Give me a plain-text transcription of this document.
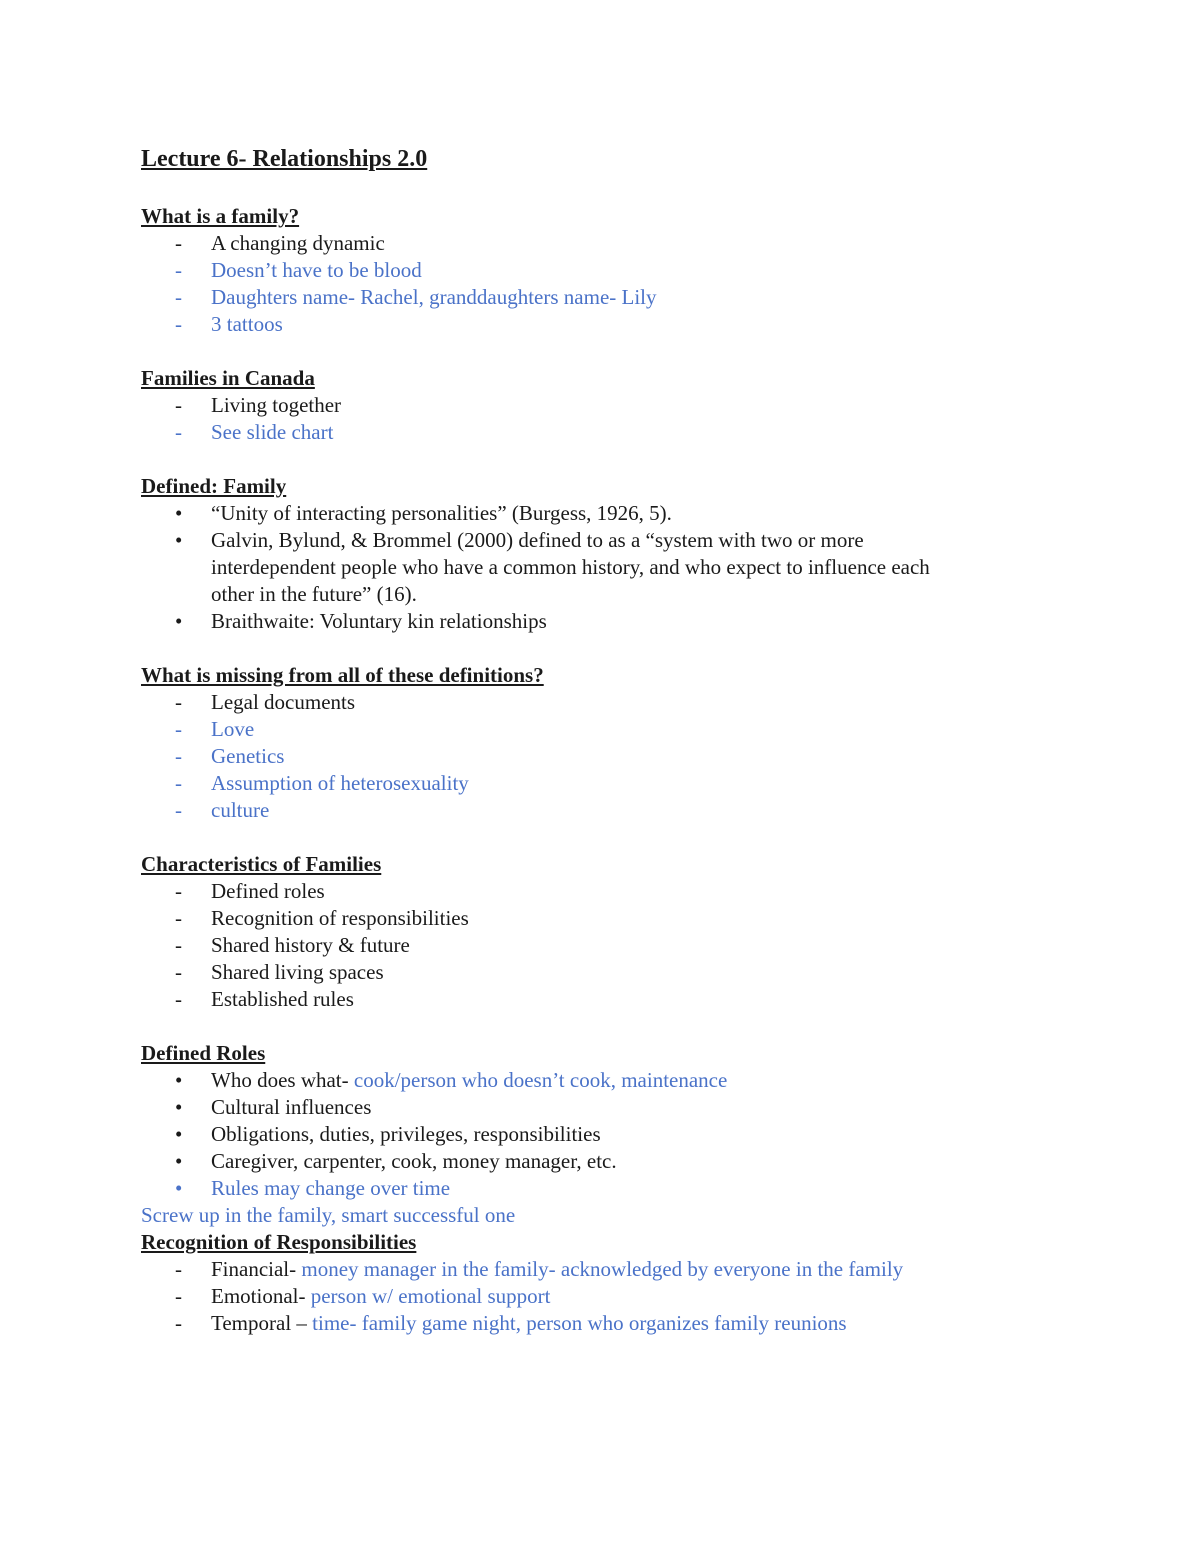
Lecture 6- Relationships 2.0
What is a family?
- A changing dynamic
- Doesn’t have to be blood
- Daughters name- Rachel, granddaughters name- Lily
- 3 tattoos
Families in Canada
- Living together
- See slide chart
Defined: Family
• “Unity of interacting personalities” (Burgess, 1926, 5).
• Galvin, Bylund, & Brommel (2000) defined to as a “system with two or more
interdependent people who have a common history, and who expect to influence each
other in the future” (16).
• Braithwaite: Voluntary kin relationships
What is missing from all of these definitions?
- Legal documents
- Love
- Genetics
- Assumption of heterosexuality
- culture
Characteristics of Families
- Defined roles
- Recognition of responsibilities
- Shared history & future
- Shared living spaces
- Established rules
Defined Roles
• Who does what- cook/person who doesn’t cook, maintenance
• Cultural influences
• Obligations, duties, privileges, responsibilities
• Caregiver, carpenter, cook, money manager, etc.
• Rules may change over time
Screw up in the family, smart successful one
Recognition of Responsibilities
- Financial- money manager in the family- acknowledged by everyone in the family
- Emotional- person w/ emotional support
- Temporal – time- family game night, person who organizes family reunions
